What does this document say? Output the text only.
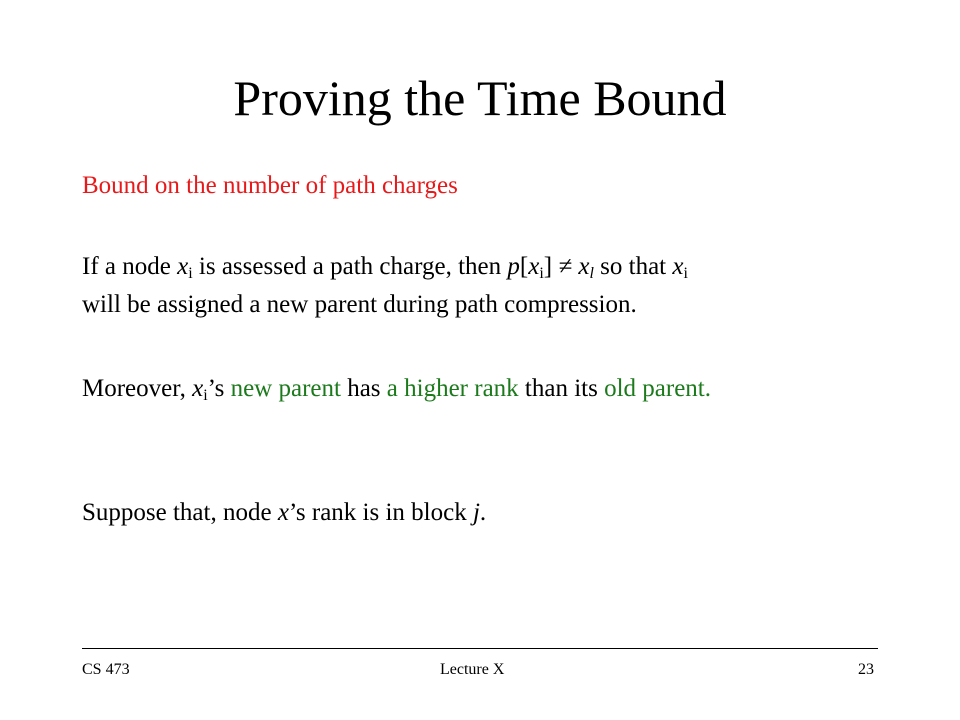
Proving the Time Bound
Bound on the number of path charges
If a node $x_i$ is assessed a path charge, then $p[x_i] \ne x_l$ so that $x_i$
will be assigned a new parent during path compression.
Moreover, $x_i’s$ new parent has a higher rank than its old parent.
Suppose that, node x’s rank is in block j.
CS 473	Lecture X	23
